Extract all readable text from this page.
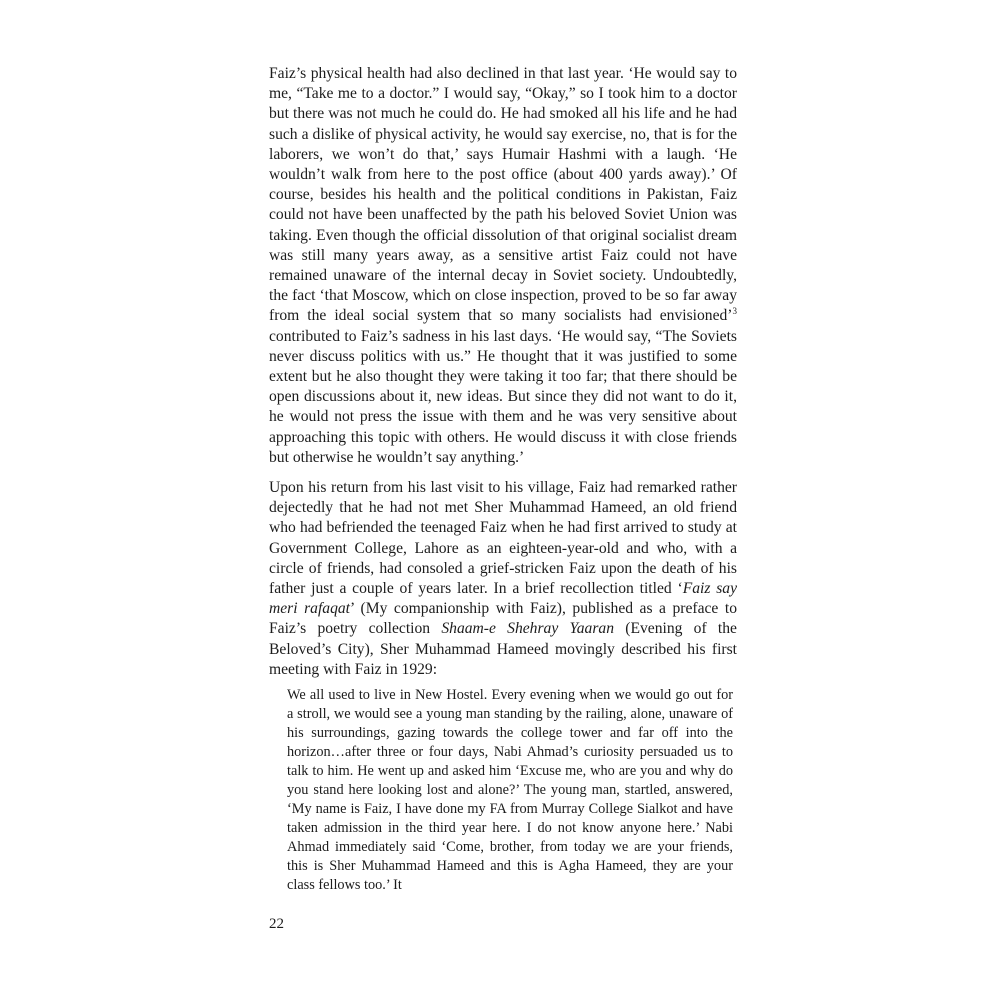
Faiz’s physical health had also declined in that last year. ‘He would say to me, “Take me to a doctor.” I would say, “Okay,” so I took him to a doctor but there was not much he could do. He had smoked all his life and he had such a dislike of physical activity, he would say exercise, no, that is for the laborers, we won’t do that,’ says Humair Hashmi with a laugh. ‘He wouldn’t walk from here to the post office (about 400 yards away).’ Of course, besides his health and the political conditions in Pakistan, Faiz could not have been unaffected by the path his beloved Soviet Union was taking. Even though the official dissolution of that original socialist dream was still many years away, as a sensitive artist Faiz could not have remained unaware of the internal decay in Soviet society. Undoubtedly, the fact ‘that Moscow, which on close inspection, proved to be so far away from the ideal social system that so many socialists had envisioned’$^3$ contributed to Faiz’s sadness in his last days. ‘He would say, “The Soviets never discuss politics with us.” He thought that it was justified to some extent but he also thought they were taking it too far; that there should be open discussions about it, new ideas. But since they did not want to do it, he would not press the issue with them and he was very sensitive about approaching this topic with others. He would discuss it with close friends but otherwise he wouldn’t say anything.’

Upon his return from his last visit to his village, Faiz had remarked rather dejectedly that he had not met Sher Muhammad Hameed, an old friend who had befriended the teenaged Faiz when he had first arrived to study at Government College, Lahore as an eighteen-year-old and who, with a circle of friends, had consoled a grief-stricken Faiz upon the death of his father just a couple of years later. In a brief recollection titled ‘Faiz say meri rafaqat’ (My companionship with Faiz), published as a preface to Faiz’s poetry collection Shaam-e Shehray Yaaran (Evening of the Beloved’s City), Sher Muhammad Hameed movingly described his first meeting with Faiz in 1929:

We all used to live in New Hostel. Every evening when we would go out for a stroll, we would see a young man standing by the railing, alone, unaware of his surroundings, gazing towards the college tower and far off into the horizon…after three or four days, Nabi Ahmad’s curiosity persuaded us to talk to him. He went up and asked him ‘Excuse me, who are you and why do you stand here looking lost and alone?’ The young man, startled, answered, ‘My name is Faiz, I have done my FA from Murray College Sialkot and have taken admission in the third year here. I do not know anyone here.’ Nabi Ahmad immediately said ‘Come, brother, from today we are your friends, this is Sher Muhammad Hameed and this is Agha Hameed, they are your class fellows too.’ It

22
